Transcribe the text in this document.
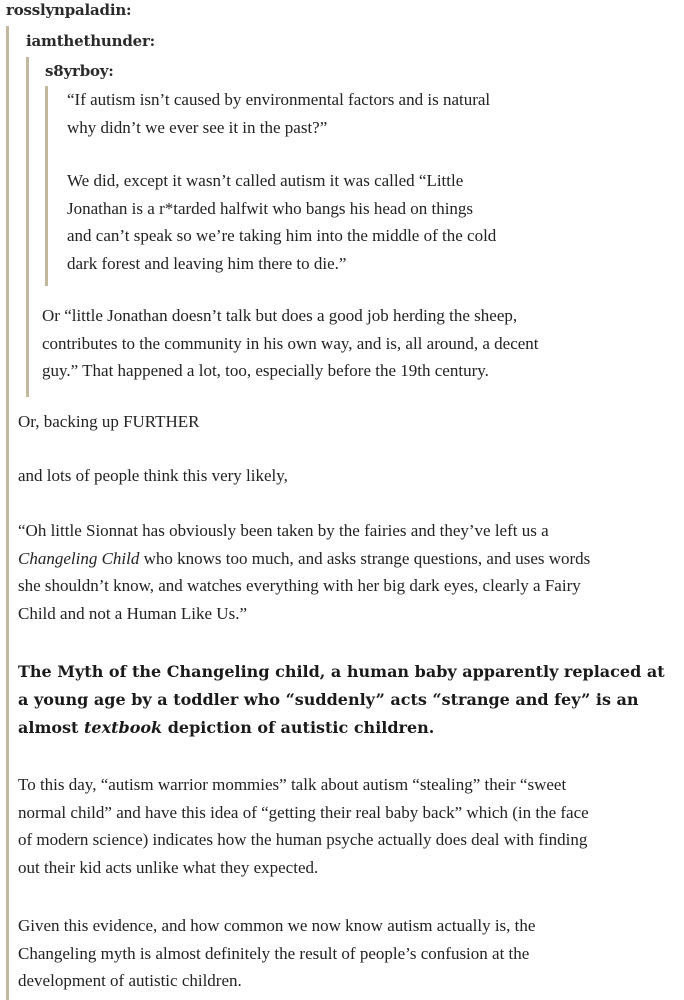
rosslynpaladin:
iamthethunder:
s8yrboy:
“If autism isn’t caused by environmental factors and is natural
why didn’t we ever see it in the past?”
We did, except it wasn’t called autism it was called “Little
Jonathan is a r*tarded halfwit who bangs his head on things
and can’t speak so we’re taking him into the middle of the cold
dark forest and leaving him there to die.”
Or “little Jonathan doesn’t talk but does a good job herding the sheep,
contributes to the community in his own way, and is, all around, a decent
guy.” That happened a lot, too, especially before the 19th century.
Or, backing up FURTHER
and lots of people think this very likely,
“Oh little Sionnat has obviously been taken by the fairies and they’ve left us a
Changeling Child who knows too much, and asks strange questions, and uses words
she shouldn’t know, and watches everything with her big dark eyes, clearly a Fairy
Child and not a Human Like Us.”
The Myth of the Changeling child, a human baby apparently replaced at
a young age by a toddler who “suddenly” acts “strange and fey” is an
almost textbook depiction of autistic children.
To this day, “autism warrior mommies” talk about autism “stealing” their “sweet
normal child” and have this idea of “getting their real baby back” which (in the face
of modern science) indicates how the human psyche actually does deal with finding
out their kid acts unlike what they expected.
Given this evidence, and how common we now know autism actually is, the
Changeling myth is almost definitely the result of people’s confusion at the
development of autistic children.
